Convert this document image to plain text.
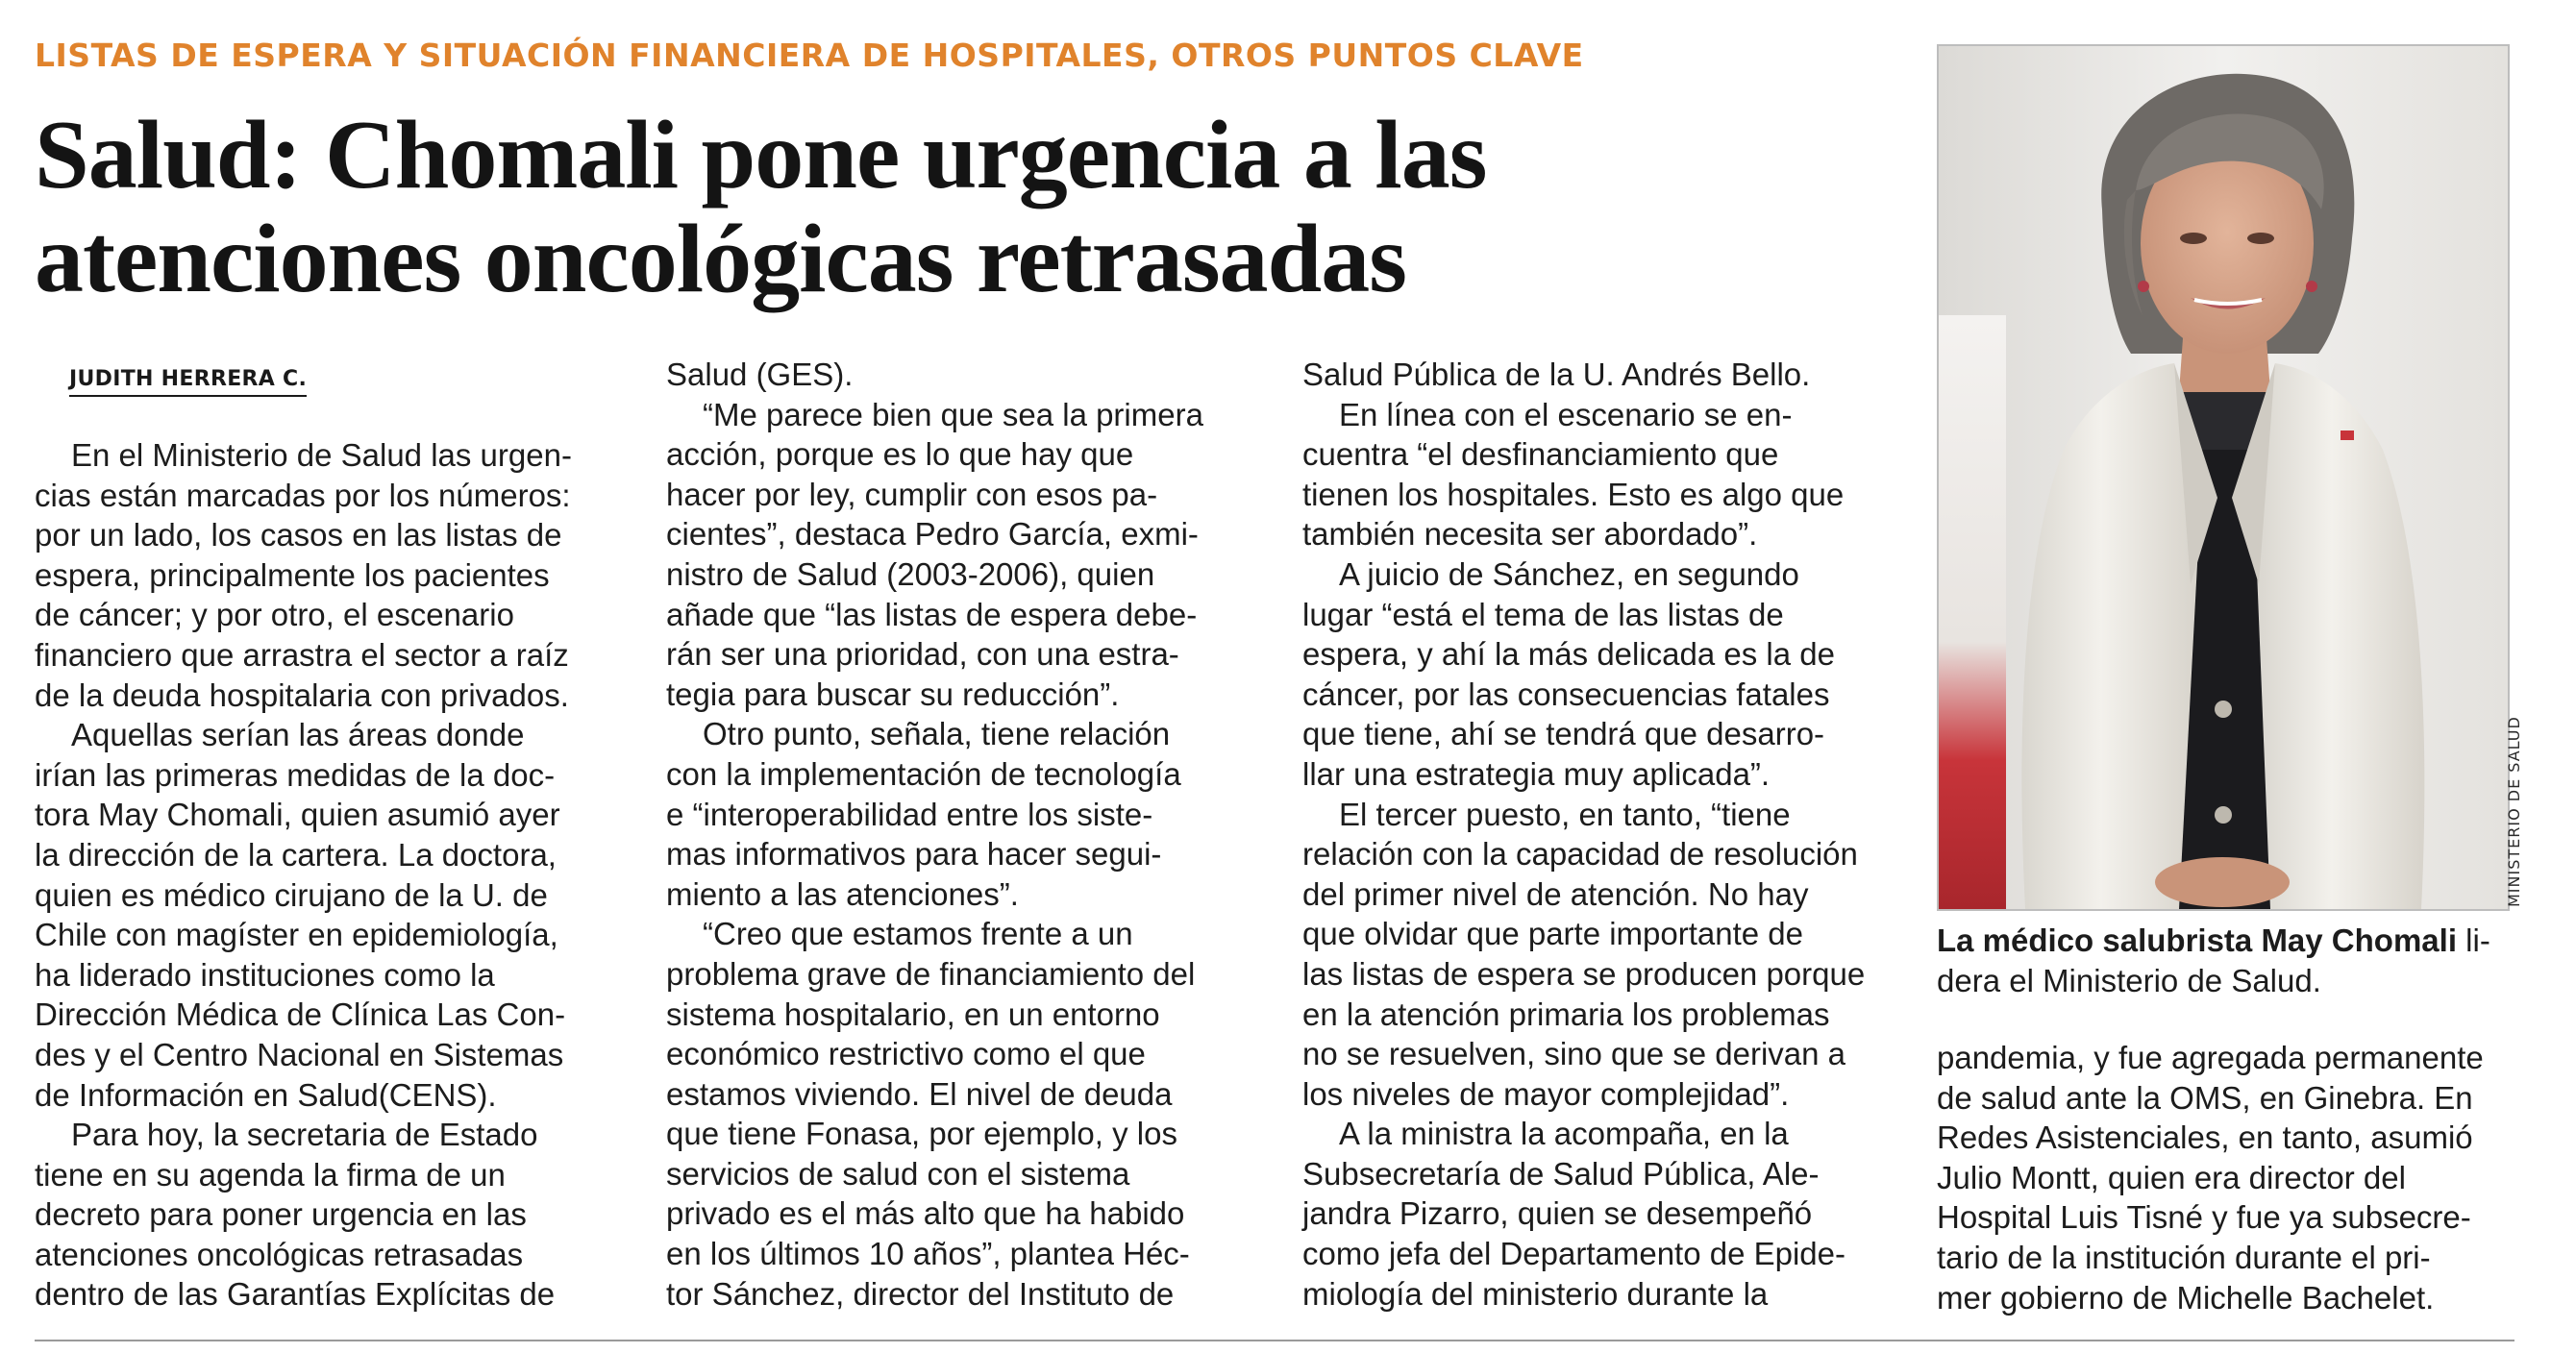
LISTAS DE ESPERA Y SITUACIÓN FINANCIERA DE HOSPITALES, OTROS PUNTOS CLAVE
Salud: Chomali pone urgencia a las
atenciones oncológicas retrasadas
JUDITH HERRERA C.

En el Ministerio de Salud las urgen-

cias están marcadas por los números:

por un lado, los casos en las listas de

espera, principalmente los pacientes

de cáncer; y por otro, el escenario

financiero que arrastra el sector a raíz

de la deuda hospitalaria con privados.

Aquellas serían las áreas donde

irían las primeras medidas de la doc-

tora May Chomali, quien asumió ayer

la dirección de la cartera. La doctora,

quien es médico cirujano de la U. de

Chile con magíster en epidemiología,

ha liderado instituciones como la

Dirección Médica de Clínica Las Con-

des y el Centro Nacional en Sistemas

de Información en Salud(CENS).

Para hoy, la secretaria de Estado

tiene en su agenda la firma de un

decreto para poner urgencia en las

atenciones oncológicas retrasadas

dentro de las Garantías Explícitas de

Salud (GES).

“Me parece bien que sea la primera

acción, porque es lo que hay que

hacer por ley, cumplir con esos pa-

cientes”, destaca Pedro García, exmi-

nistro de Salud (2003-2006), quien

añade que “las listas de espera debe-

rán ser una prioridad, con una estra-

tegia para buscar su reducción”.

Otro punto, señala, tiene relación

con la implementación de tecnología

e “interoperabilidad entre los siste-

mas informativos para hacer segui-

miento a las atenciones”.

“Creo que estamos frente a un

problema grave de financiamiento del

sistema hospitalario, en un entorno

económico restrictivo como el que

estamos viviendo. El nivel de deuda

que tiene Fonasa, por ejemplo, y los

servicios de salud con el sistema

privado es el más alto que ha habido

en los últimos 10 años”, plantea Héc-

tor Sánchez, director del Instituto de

Salud Pública de la U. Andrés Bello.

En línea con el escenario se en-

cuentra “el desfinanciamiento que

tienen los hospitales. Esto es algo que

también necesita ser abordado”.

A juicio de Sánchez, en segundo

lugar “está el tema de las listas de

espera, y ahí la más delicada es la de

cáncer, por las consecuencias fatales

que tiene, ahí se tendrá que desarro-

llar una estrategia muy aplicada”.

El tercer puesto, en tanto, “tiene

relación con la capacidad de resolución

del primer nivel de atención. No hay

que olvidar que parte importante de

las listas de espera se producen porque

en la atención primaria los problemas

no se resuelven, sino que se derivan a

los niveles de mayor complejidad”.

A la ministra la acompaña, en la

Subsecretaría de Salud Pública, Ale-

jandra Pizarro, quien se desempeñó

como jefa del Departamento de Epide-

miología del ministerio durante la

pandemia, y fue agregada permanente

de salud ante la OMS, en Ginebra. En

Redes Asistenciales, en tanto, asumió

Julio Montt, quien era director del

Hospital Luis Tisné y fue ya subsecre-

tario de la institución durante el pri-

mer gobierno de Michelle Bachelet.

MINISTERIO DE SALUD

La médico salubrista May Chomali li-

dera el Ministerio de Salud.
